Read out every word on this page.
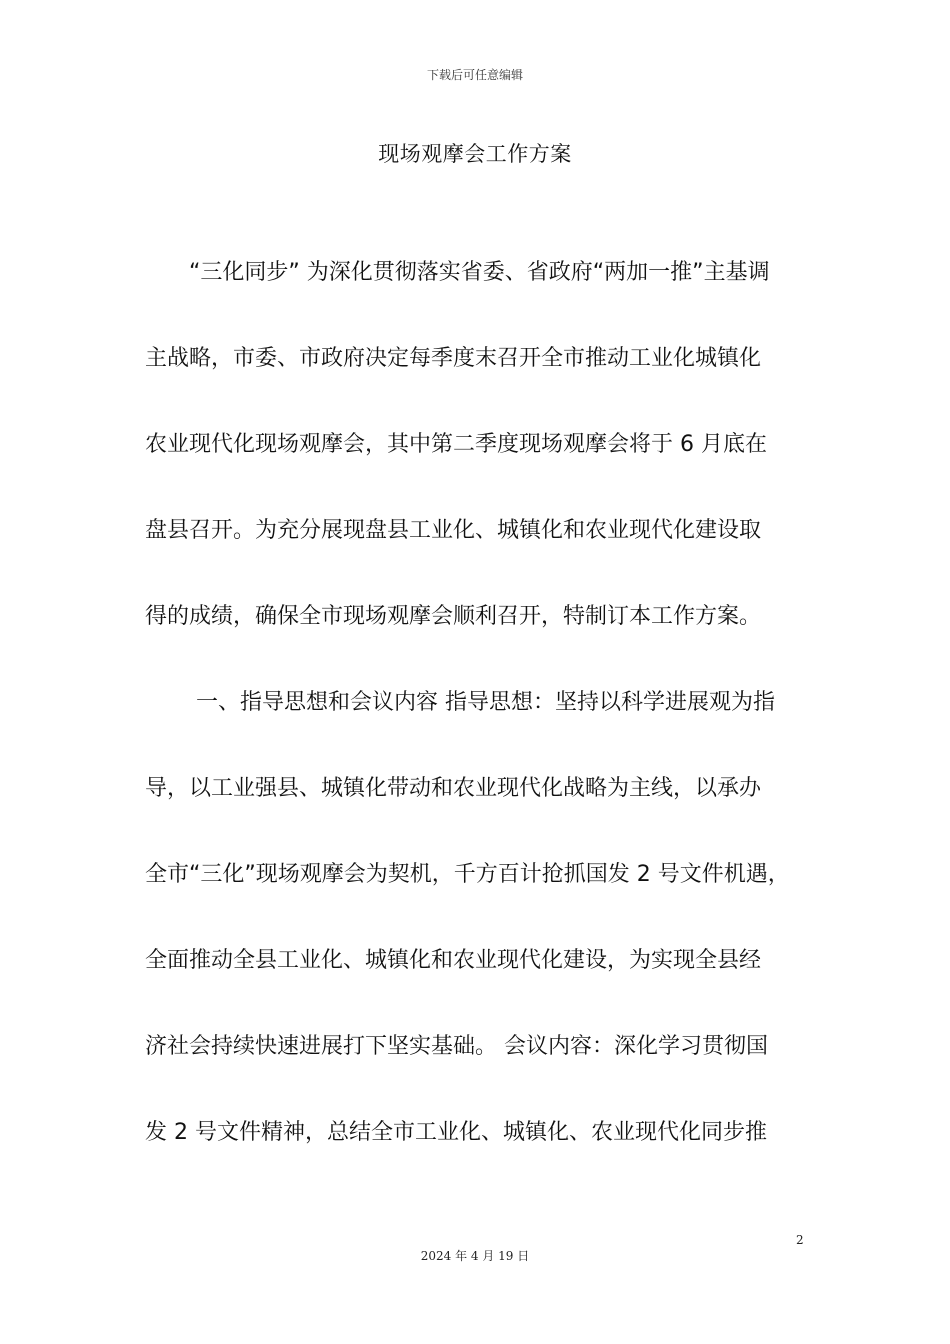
下载后可任意编辑
现场观摩会工作方案
　　“三化同步” 为深化贯彻落实省委、省政府“两加一推”主基调
主战略，市委、市政府决定每季度末召开全市推动工业化城镇化
农业现代化现场观摩会，其中第二季度现场观摩会将于 6 月底在
盘县召开。为充分展现盘县工业化、城镇化和农业现代化建设取
得的成绩，确保全市现场观摩会顺利召开，特制订本工作方案。
　　 一、指导思想和会议内容 指导思想：坚持以科学进展观为指
导，以工业强县、城镇化带动和农业现代化战略为主线，以承办
全市“三化”现场观摩会为契机，千方百计抢抓国发 2 号文件机遇，
全面推动全县工业化、城镇化和农业现代化建设，为实现全县经
济社会持续快速进展打下坚实基础。 会议内容：深化学习贯彻国
发 2 号文件精神，总结全市工业化、城镇化、农业现代化同步推
2
2024 年 4 月 19 日
